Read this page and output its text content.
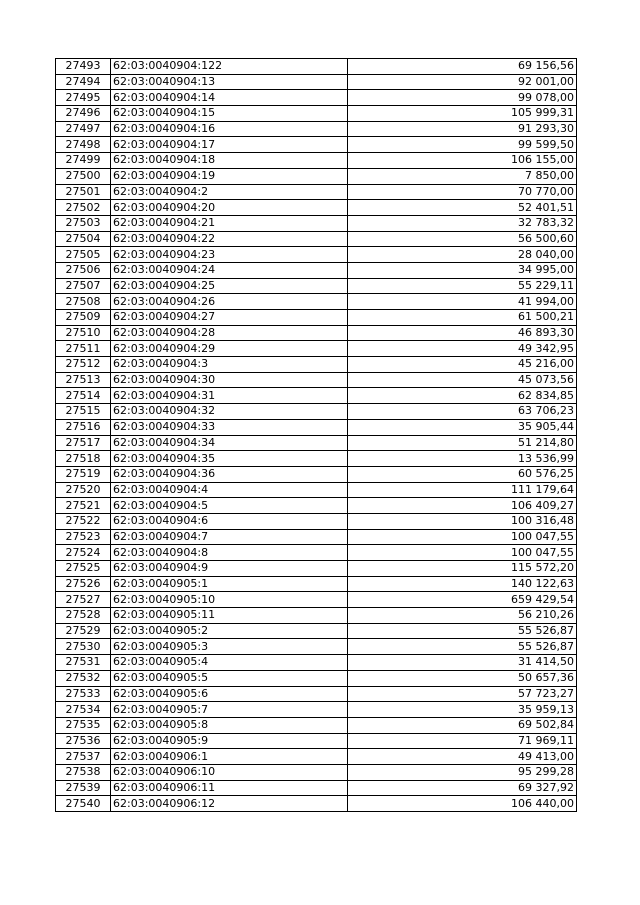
27493	62:03:0040904:122	69 156,56
27494	62:03:0040904:13	92 001,00
27495	62:03:0040904:14	99 078,00
27496	62:03:0040904:15	105 999,31
27497	62:03:0040904:16	91 293,30
27498	62:03:0040904:17	99 599,50
27499	62:03:0040904:18	106 155,00
27500	62:03:0040904:19	7 850,00
27501	62:03:0040904:2	70 770,00
27502	62:03:0040904:20	52 401,51
27503	62:03:0040904:21	32 783,32
27504	62:03:0040904:22	56 500,60
27505	62:03:0040904:23	28 040,00
27506	62:03:0040904:24	34 995,00
27507	62:03:0040904:25	55 229,11
27508	62:03:0040904:26	41 994,00
27509	62:03:0040904:27	61 500,21
27510	62:03:0040904:28	46 893,30
27511	62:03:0040904:29	49 342,95
27512	62:03:0040904:3	45 216,00
27513	62:03:0040904:30	45 073,56
27514	62:03:0040904:31	62 834,85
27515	62:03:0040904:32	63 706,23
27516	62:03:0040904:33	35 905,44
27517	62:03:0040904:34	51 214,80
27518	62:03:0040904:35	13 536,99
27519	62:03:0040904:36	60 576,25
27520	62:03:0040904:4	111 179,64
27521	62:03:0040904:5	106 409,27
27522	62:03:0040904:6	100 316,48
27523	62:03:0040904:7	100 047,55
27524	62:03:0040904:8	100 047,55
27525	62:03:0040904:9	115 572,20
27526	62:03:0040905:1	140 122,63
27527	62:03:0040905:10	659 429,54
27528	62:03:0040905:11	56 210,26
27529	62:03:0040905:2	55 526,87
27530	62:03:0040905:3	55 526,87
27531	62:03:0040905:4	31 414,50
27532	62:03:0040905:5	50 657,36
27533	62:03:0040905:6	57 723,27
27534	62:03:0040905:7	35 959,13
27535	62:03:0040905:8	69 502,84
27536	62:03:0040905:9	71 969,11
27537	62:03:0040906:1	49 413,00
27538	62:03:0040906:10	95 299,28
27539	62:03:0040906:11	69 327,92
27540	62:03:0040906:12	106 440,00
